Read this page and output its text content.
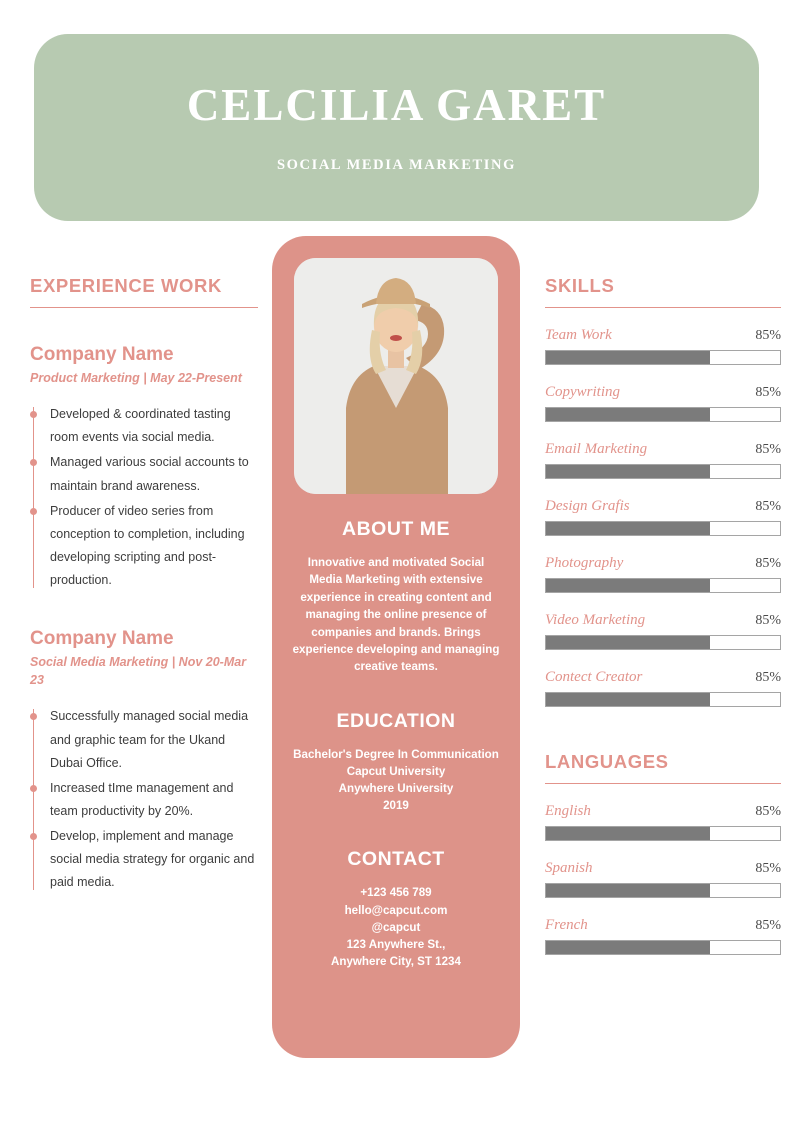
CELCILIA GARET
SOCIAL MEDIA MARKETING
EXPERIENCE WORK
Company Name
Product Marketing | May 22-Present
Developed & coordinated tasting room events via social media.
Managed various social accounts to maintain brand awareness.
Producer of video series from conception to completion, including developing scripting and post-production.
Company Name
Social Media Marketing | Nov 20-Mar 23
Successfully managed social media and graphic team for the Ukand Dubai Office.
Increased tIme management and team productivity by 20%.
Develop, implement and manage social media strategy for organic and paid media.
ABOUT ME
Innovative and motivated Social Media Marketing with extensive experience in creating content and managing the online presence of companies and brands. Brings experience developing and managing creative teams.
EDUCATION
Bachelor's Degree In Communication
Capcut University
Anywhere University
2019
CONTACT
+123 456 789
hello@capcut.com
@capcut
123 Anywhere St.,
Anywhere City, ST 1234
SKILLS
Team Work	85%
Copywriting	85%
Email Marketing	85%
Design Grafis	85%
Photography	85%
Video Marketing	85%
Contect Creator	85%
LANGUAGES
English	85%
Spanish	85%
French	85%
